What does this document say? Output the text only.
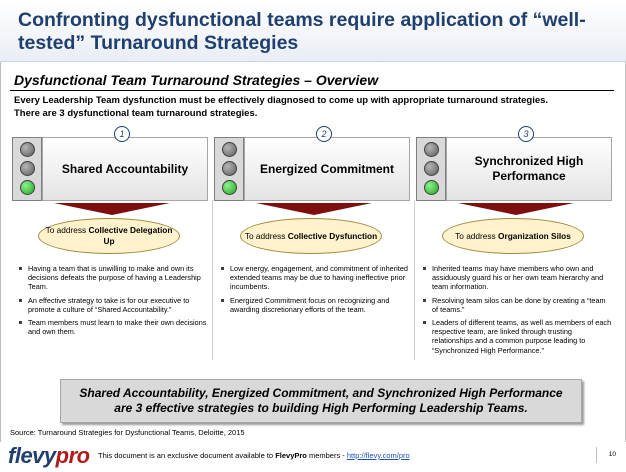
Confronting dysfunctional teams require application of “well-tested” Turnaround Strategies
Dysfunctional Team Turnaround Strategies – Overview
Every Leadership Team dysfunction must be effectively diagnosed to come up with appropriate turnaround strategies.
There are 3 dysfunctional team turnaround strategies.
Shared Accountability
1
To address Collective Delegation Up
Having a team that is unwilling to make and own its decisions defeats the purpose of having a Leadership Team.
An effective strategy to take is for our executive to promote a culture of “Shared Accountability.”
Team members must learn to make their own decisions and own them.
Energized Commitment
2
To address Collective Dysfunction
Low energy, engagement, and commitment of inherited extended teams may be due to having ineffective prior incumbents.
Energized Commitment focus on recognizing and awarding discretionary efforts of the team.
Synchronized High Performance
3
To address Organization Silos
Inherited teams may have members who own and assiduously guard his or her own team hierarchy and team information.
Resolving team silos can be done by creating a “team of teams.”
Leaders of different teams, as well as members of each respective team, are linked through trusting relationships and a common purpose leading to “Synchronized High Performance.”
Shared Accountability, Energized Commitment, and Synchronized High Performance
are 3 effective strategies to building High Performing Leadership Teams.
Source: Turnaround Strategies for Dysfunctional Teams, Deloitte, 2015
flevypro This document is an exclusive document available to FlevyPro members - http://flevy.com/pro	10
